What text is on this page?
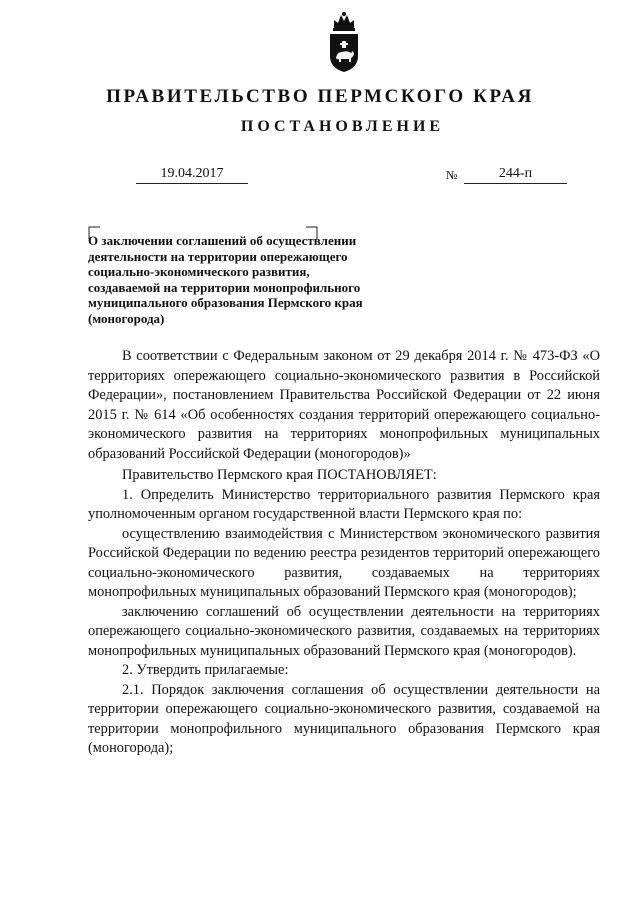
ПРАВИТЕЛЬСТВО ПЕРМСКОГО КРАЯ
ПОСТАНОВЛЕНИЕ
19.04.2017	№	244-п
О заключении соглашений об осуществлении
деятельности на территории опережающего
социально-экономического развития,
создаваемой на территории монопрофильного
муниципального образования Пермского края
(моногорода)

В соответствии с Федеральным законом от 29 декабря 2014 г. № 473-ФЗ «О территориях опережающего социально-экономического развития в Российской Федерации», постановлением Правительства Российской Федерации от 22 июня 2015 г. № 614 «Об особенностях создания территорий опережающего социально-экономического развития на территориях монопрофильных муниципальных образований Российской Федерации (моногородов)»

Правительство Пермского края ПОСТАНОВЛЯЕТ:

1. Определить Министерство территориального развития Пермского края уполномоченным органом государственной власти Пермского края по:

осуществлению взаимодействия с Министерством экономического развития Российской Федерации по ведению реестра резидентов территорий опережающего социально-экономического развития, создаваемых на территориях монопрофильных муниципальных образований Пермского края (моногородов);

заключению соглашений об осуществлении деятельности на территориях опережающего социально-экономического развития, создаваемых на территориях монопрофильных муниципальных образований Пермского края (моногородов).

2. Утвердить прилагаемые:

2.1. Порядок заключения соглашения об осуществлении деятельности на территории опережающего социально-экономического развития, создаваемой на территории монопрофильного муниципального образования Пермского края (моногорода);
